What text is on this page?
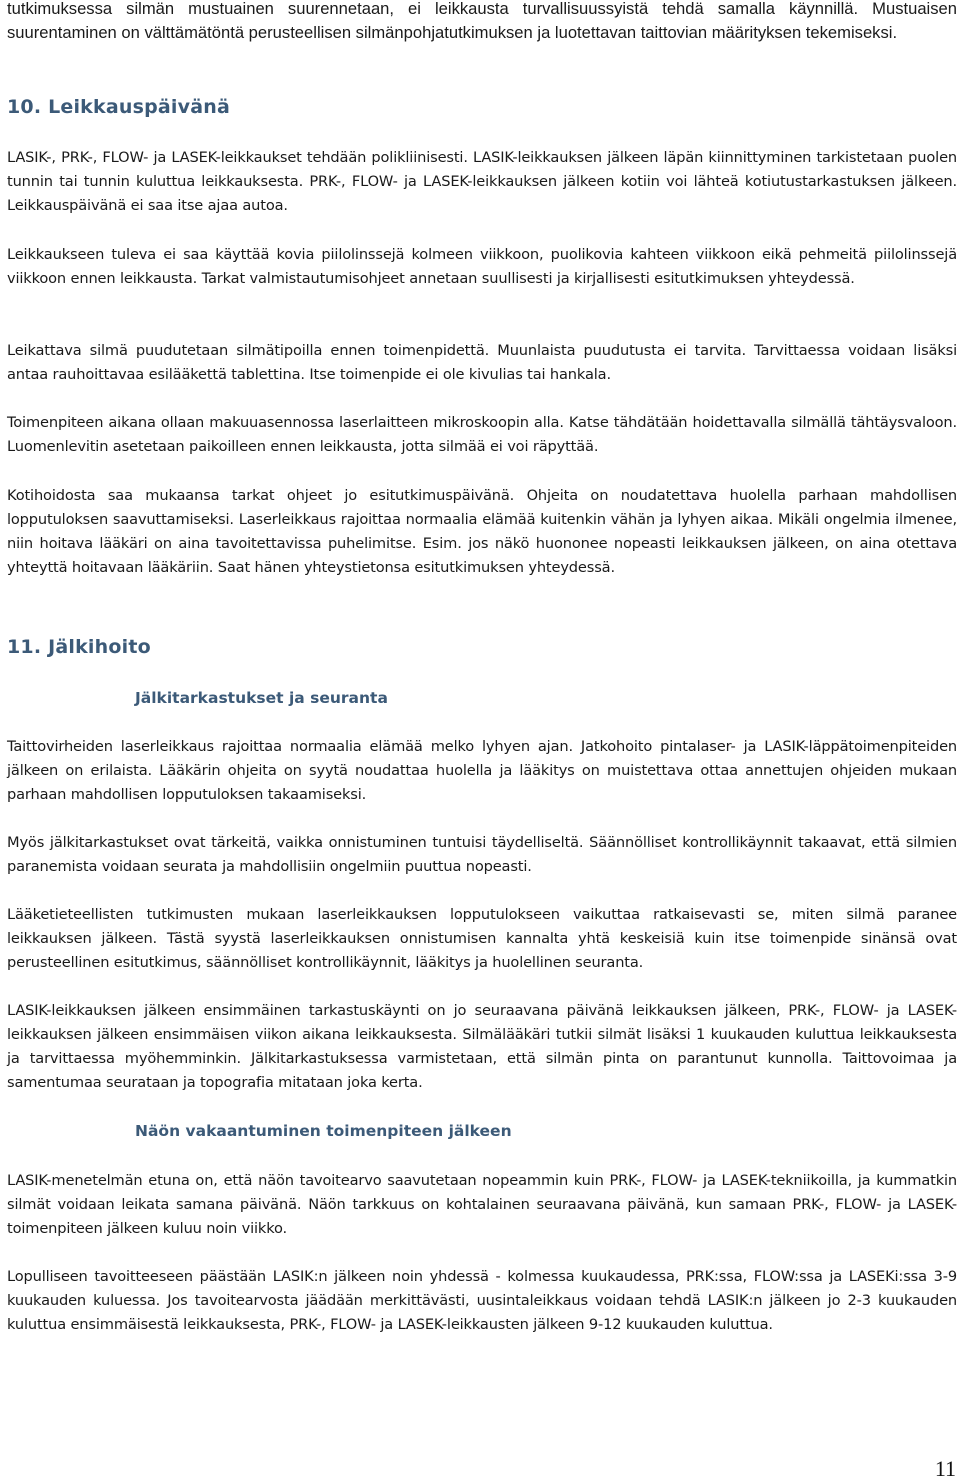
tutkimuksessa silmän mustuainen suurennetaan, ei leikkausta turvallisuussyistä tehdä samalla käynnillä. Mustuaisen suurentaminen on välttämätöntä perusteellisen silmänpohjatutkimuksen ja luotettavan taittovian määrityksen tekemiseksi.

10. Leikkauspäivänä

LASIK-, PRK-, FLOW- ja LASEK-leikkaukset tehdään polikliinisesti. LASIK-leikkauksen jälkeen läpän kiinnittyminen tarkistetaan puolen tunnin tai tunnin kuluttua leikkauksesta. PRK-, FLOW- ja LASEK-leikkauksen jälkeen kotiin voi lähteä kotiutustarkastuksen jälkeen. Leikkauspäivänä ei saa itse ajaa autoa.

Leikkaukseen tuleva ei saa käyttää kovia piilolinssejä kolmeen viikkoon, puolikovia kahteen viikkoon eikä pehmeitä piilolinssejä viikkoon ennen leikkausta. Tarkat valmistautumisohjeet annetaan suullisesti ja kirjallisesti esitutkimuksen yhteydessä.

Leikattava silmä puudutetaan silmätipoilla ennen toimenpidettä. Muunlaista puudutusta ei tarvita. Tarvittaessa voidaan lisäksi antaa rauhoittavaa esilääkettä tablettina. Itse toimenpide ei ole kivulias tai hankala.

Toimenpiteen aikana ollaan makuuasennossa laserlaitteen mikroskoopin alla. Katse tähdätään hoidettavalla silmällä tähtäysvaloon. Luomenlevitin asetetaan paikoilleen ennen leikkausta, jotta silmää ei voi räpyttää.

Kotihoidosta saa mukaansa tarkat ohjeet jo esitutkimuspäivänä. Ohjeita on noudatettava huolella parhaan mahdollisen lopputuloksen saavuttamiseksi. Laserleikkaus rajoittaa normaalia elämää kuitenkin vähän ja lyhyen aikaa. Mikäli ongelmia ilmenee, niin hoitava lääkäri on aina tavoitettavissa puhelimitse. Esim. jos näkö huononee nopeasti leikkauksen jälkeen, on aina otettava yhteyttä hoitavaan lääkäriin. Saat hänen yhteystietonsa esitutkimuksen yhteydessä.

11. Jälkihoito
Jälkitarkastukset ja seuranta

Taittovirheiden laserleikkaus rajoittaa normaalia elämää melko lyhyen ajan. Jatkohoito pintalaser- ja LASIK-läppätoimenpiteiden jälkeen on erilaista. Lääkärin ohjeita on syytä noudattaa huolella ja lääkitys on muistettava ottaa annettujen ohjeiden mukaan parhaan mahdollisen lopputuloksen takaamiseksi.

Myös jälkitarkastukset ovat tärkeitä, vaikka onnistuminen tuntuisi täydelliseltä. Säännölliset kontrollikäynnit takaavat, että silmien paranemista voidaan seurata ja mahdollisiin ongelmiin puuttua nopeasti.

Lääketieteellisten tutkimusten mukaan laserleikkauksen lopputulokseen vaikuttaa ratkaisevasti se, miten silmä paranee leikkauksen jälkeen. Tästä syystä laserleikkauksen onnistumisen kannalta yhtä keskeisiä kuin itse toimenpide sinänsä ovat perusteellinen esitutkimus, säännölliset kontrollikäynnit, lääkitys ja huolellinen seuranta.

LASIK-leikkauksen jälkeen ensimmäinen tarkastuskäynti on jo seuraavana päivänä leikkauksen jälkeen, PRK-, FLOW- ja LASEK-leikkauksen jälkeen ensimmäisen viikon aikana leikkauksesta. Silmälääkäri tutkii silmät lisäksi 1 kuukauden kuluttua leikkauksesta ja tarvittaessa myöhemminkin. Jälkitarkastuksessa varmistetaan, että silmän pinta on parantunut kunnolla. Taittovoimaa ja samentumaa seurataan ja topografia mitataan joka kerta.

Näön vakaantuminen toimenpiteen jälkeen

LASIK-menetelmän etuna on, että näön tavoitearvo saavutetaan nopeammin kuin PRK-, FLOW- ja LASEK-tekniikoilla, ja kummatkin silmät voidaan leikata samana päivänä. Näön tarkkuus on kohtalainen seuraavana päivänä, kun samaan PRK-, FLOW- ja LASEK-toimenpiteen jälkeen kuluu noin viikko.

Lopulliseen tavoitteeseen päästään LASIK:n jälkeen noin yhdessä - kolmessa kuukaudessa, PRK:ssa, FLOW:ssa ja LASEKi:ssa 3-9 kuukauden kuluessa. Jos tavoitearvosta jäädään merkittävästi, uusintaleikkaus voidaan tehdä LASIK:n jälkeen jo 2-3 kuukauden kuluttua ensimmäisestä leikkauksesta, PRK-, FLOW- ja LASEK-leikkausten jälkeen 9-12 kuukauden kuluttua.

11
